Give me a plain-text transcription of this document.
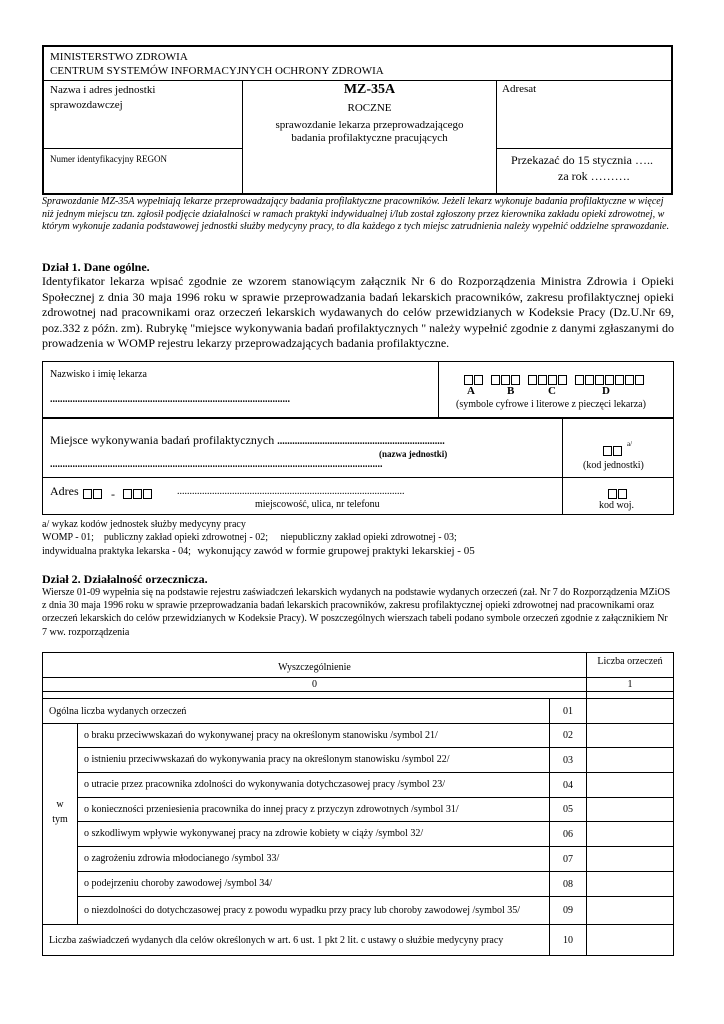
MINISTERSTWO ZDROWIA
CENTRUM SYSTEMÓW INFORMACYJNYCH OCHRONY ZDROWIA
Nazwa i adres jednostki sprawozdawczej
MZ-35A
ROCZNE
sprawozdanie lekarza przeprowadzającego
badania profilaktyczne pracujących
Adresat
Numer identyfikacyjny REGON	Przekazać do 15 stycznia …..
za rok ……….
Sprawozdanie MZ-35A wypełniają lekarze przeprowadzający badania profilaktyczne pracowników. Jeżeli lekarz wykonuje badania profilaktyczne w więcej niż jednym miejscu tzn. zgłosił podjęcie działalności w ramach praktyki indywidualnej i/lub został zgłoszony przez kierownika zakładu opieki zdrowotnej, w którym wykonuje zadania podstawowej jednostki służby medycyny pracy, to dla każdego z tych miejsc zatrudnienia należy wypełnić oddzielne sprawozdanie.
Dział 1. Dane ogólne.
Identyfikator lekarza wpisać zgodnie ze wzorem stanowiącym załącznik Nr 6 do Rozporządzenia Ministra Zdrowia i Opieki Społecznej z dnia 30 maja 1996 roku w sprawie przeprowadzania badań lekarskich pracowników, zakresu profilaktycznej opieki zdrowotnej nad pracownikami oraz orzeczeń lekarskich wydawanych do celów przewidzianych w Kodeksie Pracy (Dz.U.Nr 69, poz.332 z późn. zm). Rubrykę "miejsce wykonywania badań profilaktycznych " należy wypełnić zgodnie z danymi zgłaszanymi do prowadzenia w WOMP rejestru lekarzy przeprowadzających badania profilaktyczne.
Nazwisko i imię lekarza
................................................................................................
A	B	C	D
(symbole cyfrowe i literowe z pieczęci lekarza)
Miejsce wykonywania badań profilaktycznych ...................................................................
(nazwa jednostki)
.....................................................................................................................................
a/
(kod jednostki)
Adres	-	...........................................................................................
miejscowość, ulica, nr telefonu	kod woj.
a/ wykaz kodów jednostek służby medycyny pracy
WOMP - 01;    publiczny zakład opieki zdrowotnej - 02;     niepubliczny zakład opieki zdrowotnej - 03;
indywidualna praktyka lekarska - 04; wykonujący zawód w formie grupowej praktyki lekarskiej - 05
Dział 2. Działalność orzecznicza.
Wiersze 01-09 wypełnia się na podstawie rejestru zaświadczeń lekarskich wydanych na podstawie wydanych orzeczeń (zał. Nr 7 do Rozporządzenia MZiOS z dnia 30 maja 1996 roku w sprawie przeprowadzania badań lekarskich pracowników, zakresu profilaktycznej opieki zdrowotnej nad pracownikami oraz orzeczeń lekarskich do celów przewidzianych w Kodeksie Pracy). W poszczególnych wierszach tabeli podano symbole orzeczeń zgodnie z załącznikiem Nr 7 ww. rozporządzenia
Wyszczególnienie
Liczba orzeczeń
0	1
Ogólna liczba wydanych orzeczeń	01
w
tym
o braku przeciwwskazań do wykonywanej pracy na określonym stanowisku /symbol 21/	02
o istnieniu przeciwwskazań do wykonywania pracy na określonym stanowisku /symbol 22/	03
o utracie przez pracownika zdolności do wykonywania dotychczasowej pracy /symbol 23/	04
o konieczności przeniesienia pracownika do innej pracy z przyczyn zdrowotnych /symbol 31/	05
o szkodliwym wpływie wykonywanej pracy na zdrowie kobiety w ciąży /symbol 32/	06
o zagrożeniu zdrowia młodocianego /symbol 33/	07
o podejrzeniu choroby zawodowej /symbol 34/	08
o niezdolności do dotychczasowej pracy z powodu wypadku przy pracy lub choroby zawodowej /symbol 35/	09
Liczba zaświadczeń wydanych dla celów określonych w art. 6 ust. 1 pkt 2 lit. c ustawy o służbie medycyny pracy	10
